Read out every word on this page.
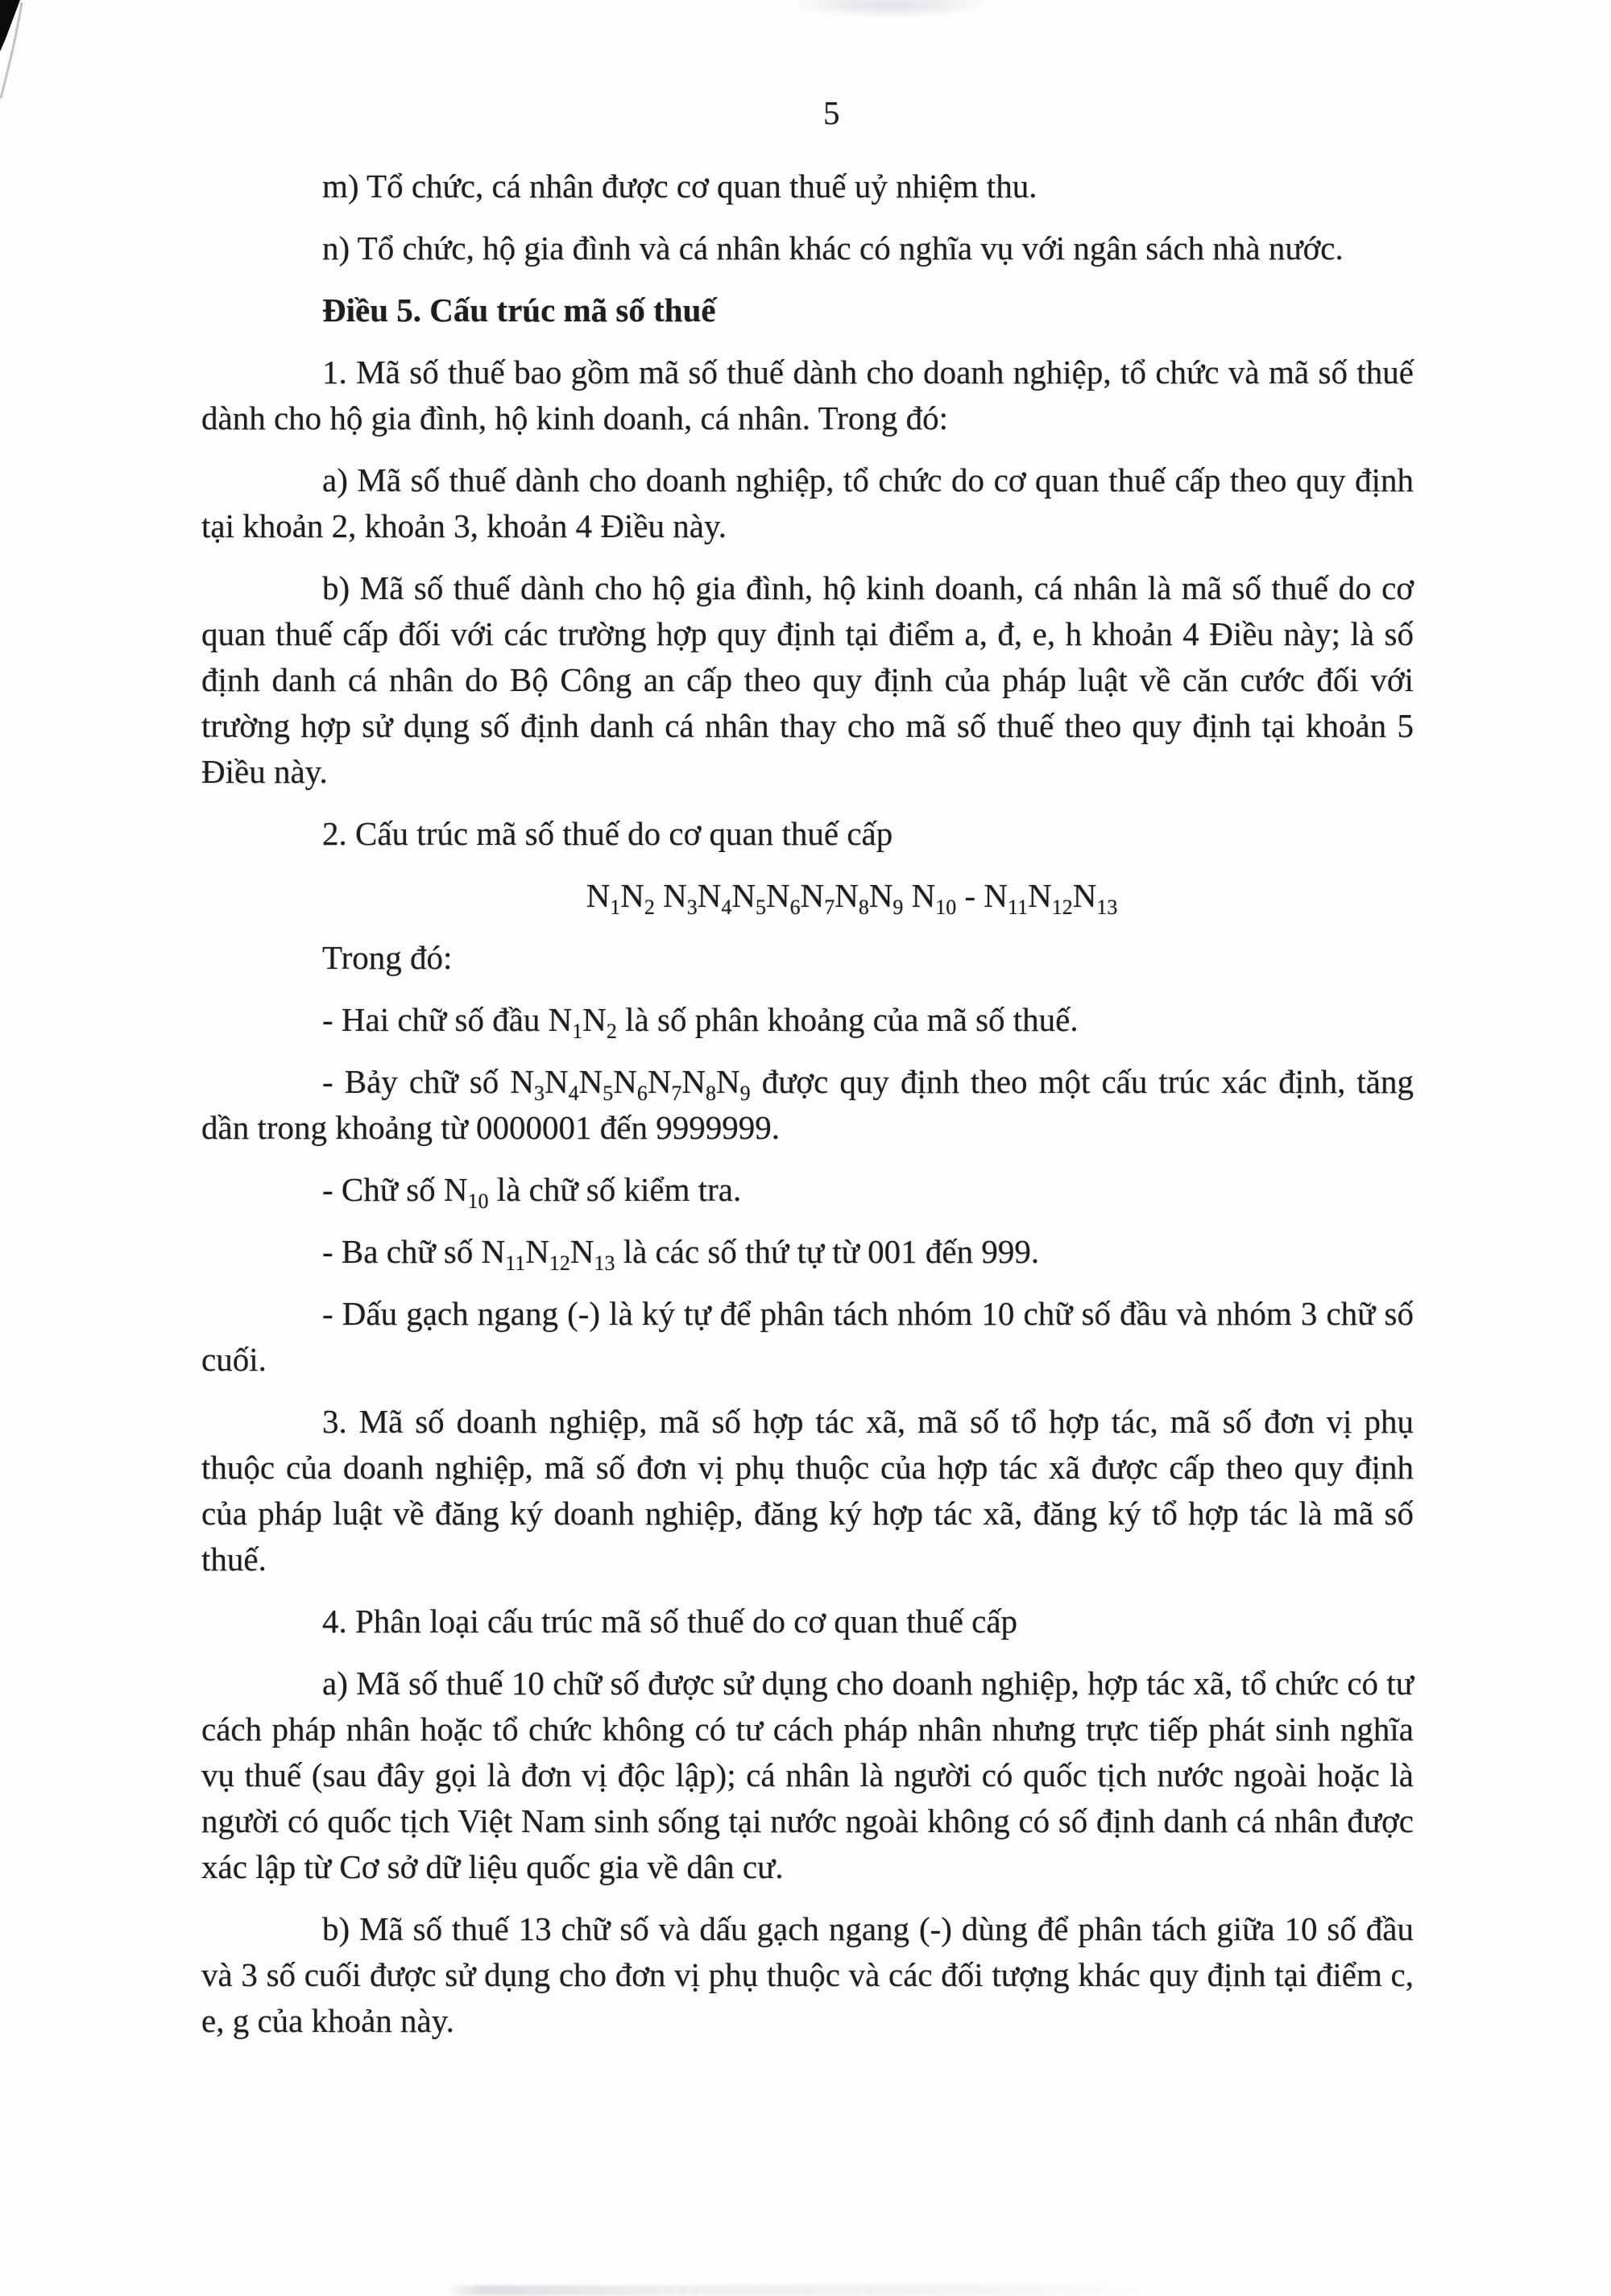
5

m) Tổ chức, cá nhân được cơ quan thuế uỷ nhiệm thu.

n) Tổ chức, hộ gia đình và cá nhân khác có nghĩa vụ với ngân sách nhà nước.

Điều 5. Cấu trúc mã số thuế

1. Mã số thuế bao gồm mã số thuế dành cho doanh nghiệp, tổ chức và mã số thuế dành cho hộ gia đình, hộ kinh doanh, cá nhân. Trong đó:

a) Mã số thuế dành cho doanh nghiệp, tổ chức do cơ quan thuế cấp theo quy định tại khoản 2, khoản 3, khoản 4 Điều này.

b) Mã số thuế dành cho hộ gia đình, hộ kinh doanh, cá nhân là mã số thuế do cơ quan thuế cấp đối với các trường hợp quy định tại điểm a, đ, e, h khoản 4 Điều này; là số định danh cá nhân do Bộ Công an cấp theo quy định của pháp luật về căn cước đối với trường hợp sử dụng số định danh cá nhân thay cho mã số thuế theo quy định tại khoản 5 Điều này.

2. Cấu trúc mã số thuế do cơ quan thuế cấp

$N_1N_2$ $N_3N_4N_5N_6N_7N_8N_9$ $N_{10} - N_{11}N_{12}N_{13}$

Trong đó:

- Hai chữ số đầu $N_1N_2$ là số phân khoảng của mã số thuế.

- Bảy chữ số $N_3N_4N_5N_6N_7N_8N_9$ được quy định theo một cấu trúc xác định, tăng dần trong khoảng từ 0000001 đến 9999999.

- Chữ số $N_{10}$ là chữ số kiểm tra.

- Ba chữ số $N_{11}N_{12}N_{13}$ là các số thứ tự từ 001 đến 999.

- Dấu gạch ngang (-) là ký tự để phân tách nhóm 10 chữ số đầu và nhóm 3 chữ số cuối.

3. Mã số doanh nghiệp, mã số hợp tác xã, mã số tổ hợp tác, mã số đơn vị phụ thuộc của doanh nghiệp, mã số đơn vị phụ thuộc của hợp tác xã được cấp theo quy định của pháp luật về đăng ký doanh nghiệp, đăng ký hợp tác xã, đăng ký tổ hợp tác là mã số thuế.

4. Phân loại cấu trúc mã số thuế do cơ quan thuế cấp

a) Mã số thuế 10 chữ số được sử dụng cho doanh nghiệp, hợp tác xã, tổ chức có tư cách pháp nhân hoặc tổ chức không có tư cách pháp nhân nhưng trực tiếp phát sinh nghĩa vụ thuế (sau đây gọi là đơn vị độc lập); cá nhân là người có quốc tịch nước ngoài hoặc là người có quốc tịch Việt Nam sinh sống tại nước ngoài không có số định danh cá nhân được xác lập từ Cơ sở dữ liệu quốc gia về dân cư.

b) Mã số thuế 13 chữ số và dấu gạch ngang (-) dùng để phân tách giữa 10 số đầu và 3 số cuối được sử dụng cho đơn vị phụ thuộc và các đối tượng khác quy định tại điểm c, e, g của khoản này.
